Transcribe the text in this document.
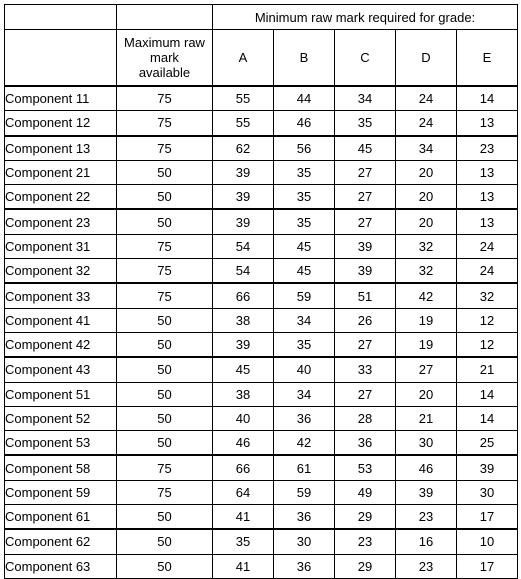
		Minimum raw mark required for grade:				
	Maximum raw
mark
available	A	B	C	D	E
Component 11	75	55	44	34	24	14
Component 12	75	55	46	35	24	13
Component 13	75	62	56	45	34	23
Component 21	50	39	35	27	20	13
Component 22	50	39	35	27	20	13
Component 23	50	39	35	27	20	13
Component 31	75	54	45	39	32	24
Component 32	75	54	45	39	32	24
Component 33	75	66	59	51	42	32
Component 41	50	38	34	26	19	12
Component 42	50	39	35	27	19	12
Component 43	50	45	40	33	27	21
Component 51	50	38	34	27	20	14
Component 52	50	40	36	28	21	14
Component 53	50	46	42	36	30	25
Component 58	75	66	61	53	46	39
Component 59	75	64	59	49	39	30
Component 61	50	41	36	29	23	17
Component 62	50	35	30	23	16	10
Component 63	50	41	36	29	23	17
